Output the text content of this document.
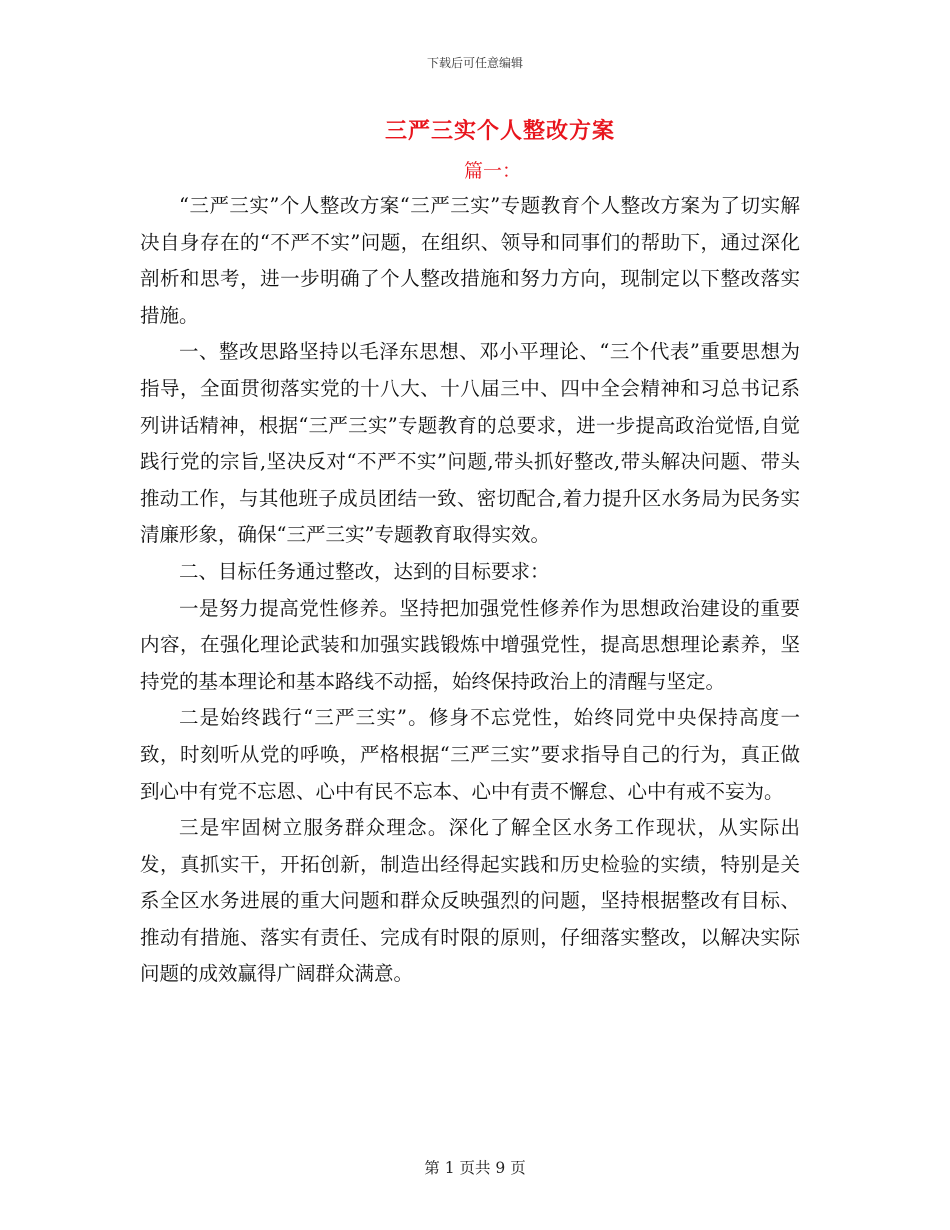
下载后可任意编辑
三严三实个人整改方案
篇一：

“三严三实”个人整改方案“三严三实”专题教育个人整改方案为了切实解决自身存在的“不严不实”问题，在组织、领导和同事们的帮助下，通过深化剖析和思考，进一步明确了个人整改措施和努力方向，现制定以下整改落实措施。

一、整改思路坚持以毛泽东思想、邓小平理论、“三个代表”重要思想为指导，全面贯彻落实党的十八大、十八届三中、四中全会精神和习总书记系列讲话精神，根据“三严三实”专题教育的总要求，进一步提高政治觉悟,自觉践行党的宗旨,坚决反对“不严不实”问题,带头抓好整改,带头解决问题、带头推动工作，与其他班子成员团结一致、密切配合,着力提升区水务局为民务实清廉形象，确保“三严三实”专题教育取得实效。

二、目标任务通过整改，达到的目标要求：

一是努力提高党性修养。坚持把加强党性修养作为思想政治建设的重要内容，在强化理论武装和加强实践锻炼中增强党性，提高思想理论素养，坚持党的基本理论和基本路线不动摇，始终保持政治上的清醒与坚定。

二是始终践行“三严三实”。修身不忘党性，始终同党中央保持高度一致，时刻听从党的呼唤，严格根据“三严三实”要求指导自己的行为，真正做到心中有党不忘恩、心中有民不忘本、心中有责不懈怠、心中有戒不妄为。

三是牢固树立服务群众理念。深化了解全区水务工作现状，从实际出发，真抓实干，开拓创新，制造出经得起实践和历史检验的实绩，特别是关系全区水务进展的重大问题和群众反映强烈的问题，坚持根据整改有目标、推动有措施、落实有责任、完成有时限的原则，仔细落实整改，以解决实际问题的成效赢得广阔群众满意。

第 1 页共 9 页
